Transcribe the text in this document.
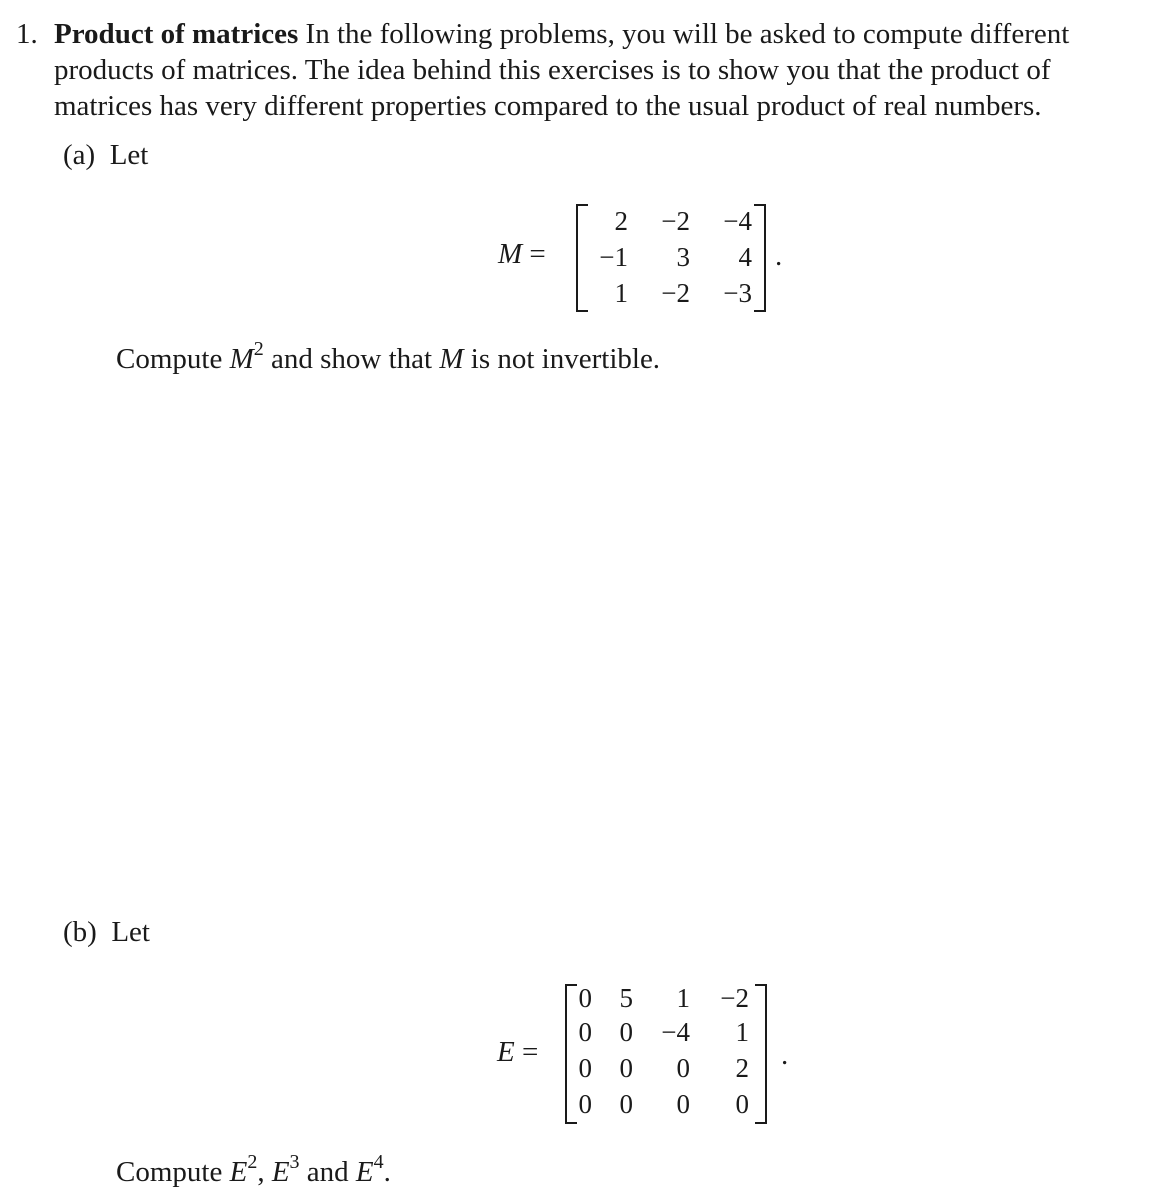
1. Product of matrices In the following problems, you will be asked to compute different
products of matrices. The idea behind this exercises is to show you that the product of
matrices has very different properties compared to the usual product of real numbers.
(a) Let
M =
2 −2 −4
−1 3 4
1 −2 −3
.
Compute $M^2$ and show that M is not invertible.
(b) Let
E =
0 5 1 −2
0 0 −4 1
0 0 0 2
0 0 0 0
.
Compute $E^2$, $E^3$ and $E^4$.
